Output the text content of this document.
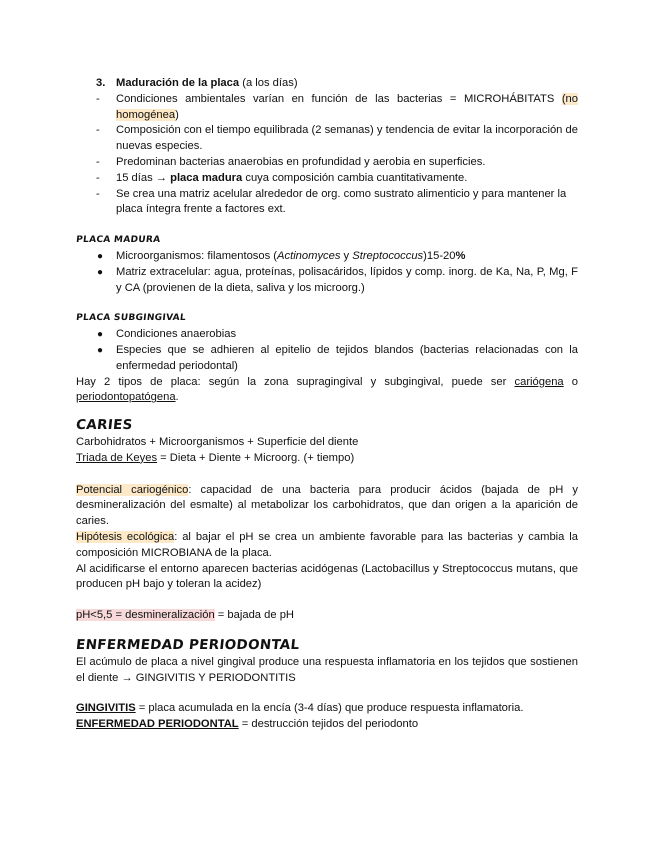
3. Maduración de la placa (a los días)
- Condiciones ambientales varían en función de las bacterias = MICROHÁBITATS (no homogénea)
- Composición con el tiempo equilibrada (2 semanas) y tendencia de evitar la incorporación de nuevas especies.
- Predominan bacterias anaerobias en profundidad y aerobia en superficies.
- 15 días → placa madura cuya composición cambia cuantitativamente.
- Se crea una matriz acelular alrededor de org. como sustrato alimenticio y para mantener la placa íntegra frente a factores ext.
PLACA MADURA
● Microorganismos: filamentosos (Actinomyces y Streptococcus)15-20%
● Matriz extracelular: agua, proteínas, polisacáridos, lípidos y comp. inorg. de Ka, Na, P, Mg, F y CA (provienen de la dieta, saliva y los microorg.)
PLACA SUBGINGIVAL
● Condiciones anaerobias
● Especies que se adhieren al epitelio de tejidos blandos (bacterias relacionadas con la enfermedad periodontal)
Hay 2 tipos de placa: según la zona supragingival y subgingival, puede ser cariógena o periodontopatógena.
CARIES
Carbohidratos + Microorganismos + Superficie del diente
Triada de Keyes = Dieta + Diente + Microorg. (+ tiempo)
Potencial cariogénico: capacidad de una bacteria para producir ácidos (bajada de pH y desmineralización del esmalte) al metabolizar los carbohidratos, que dan origen a la aparición de caries.
Hipótesis ecológica: al bajar el pH se crea un ambiente favorable para las bacterias y cambia la composición MICROBIANA de la placa.
Al acidificarse el entorno aparecen bacterias acidógenas (Lactobacillus y Streptococcus mutans, que producen pH bajo y toleran la acidez)
pH<5,5 = desmineralización = bajada de pH
ENFERMEDAD PERIODONTAL
El acúmulo de placa a nivel gingival produce una respuesta inflamatoria en los tejidos que sostienen el diente → GINGIVITIS Y PERIODONTITIS
GINGIVITIS = placa acumulada en la encía (3-4 días) que produce respuesta inflamatoria.
ENFERMEDAD PERIODONTAL = destrucción tejidos del periodonto
